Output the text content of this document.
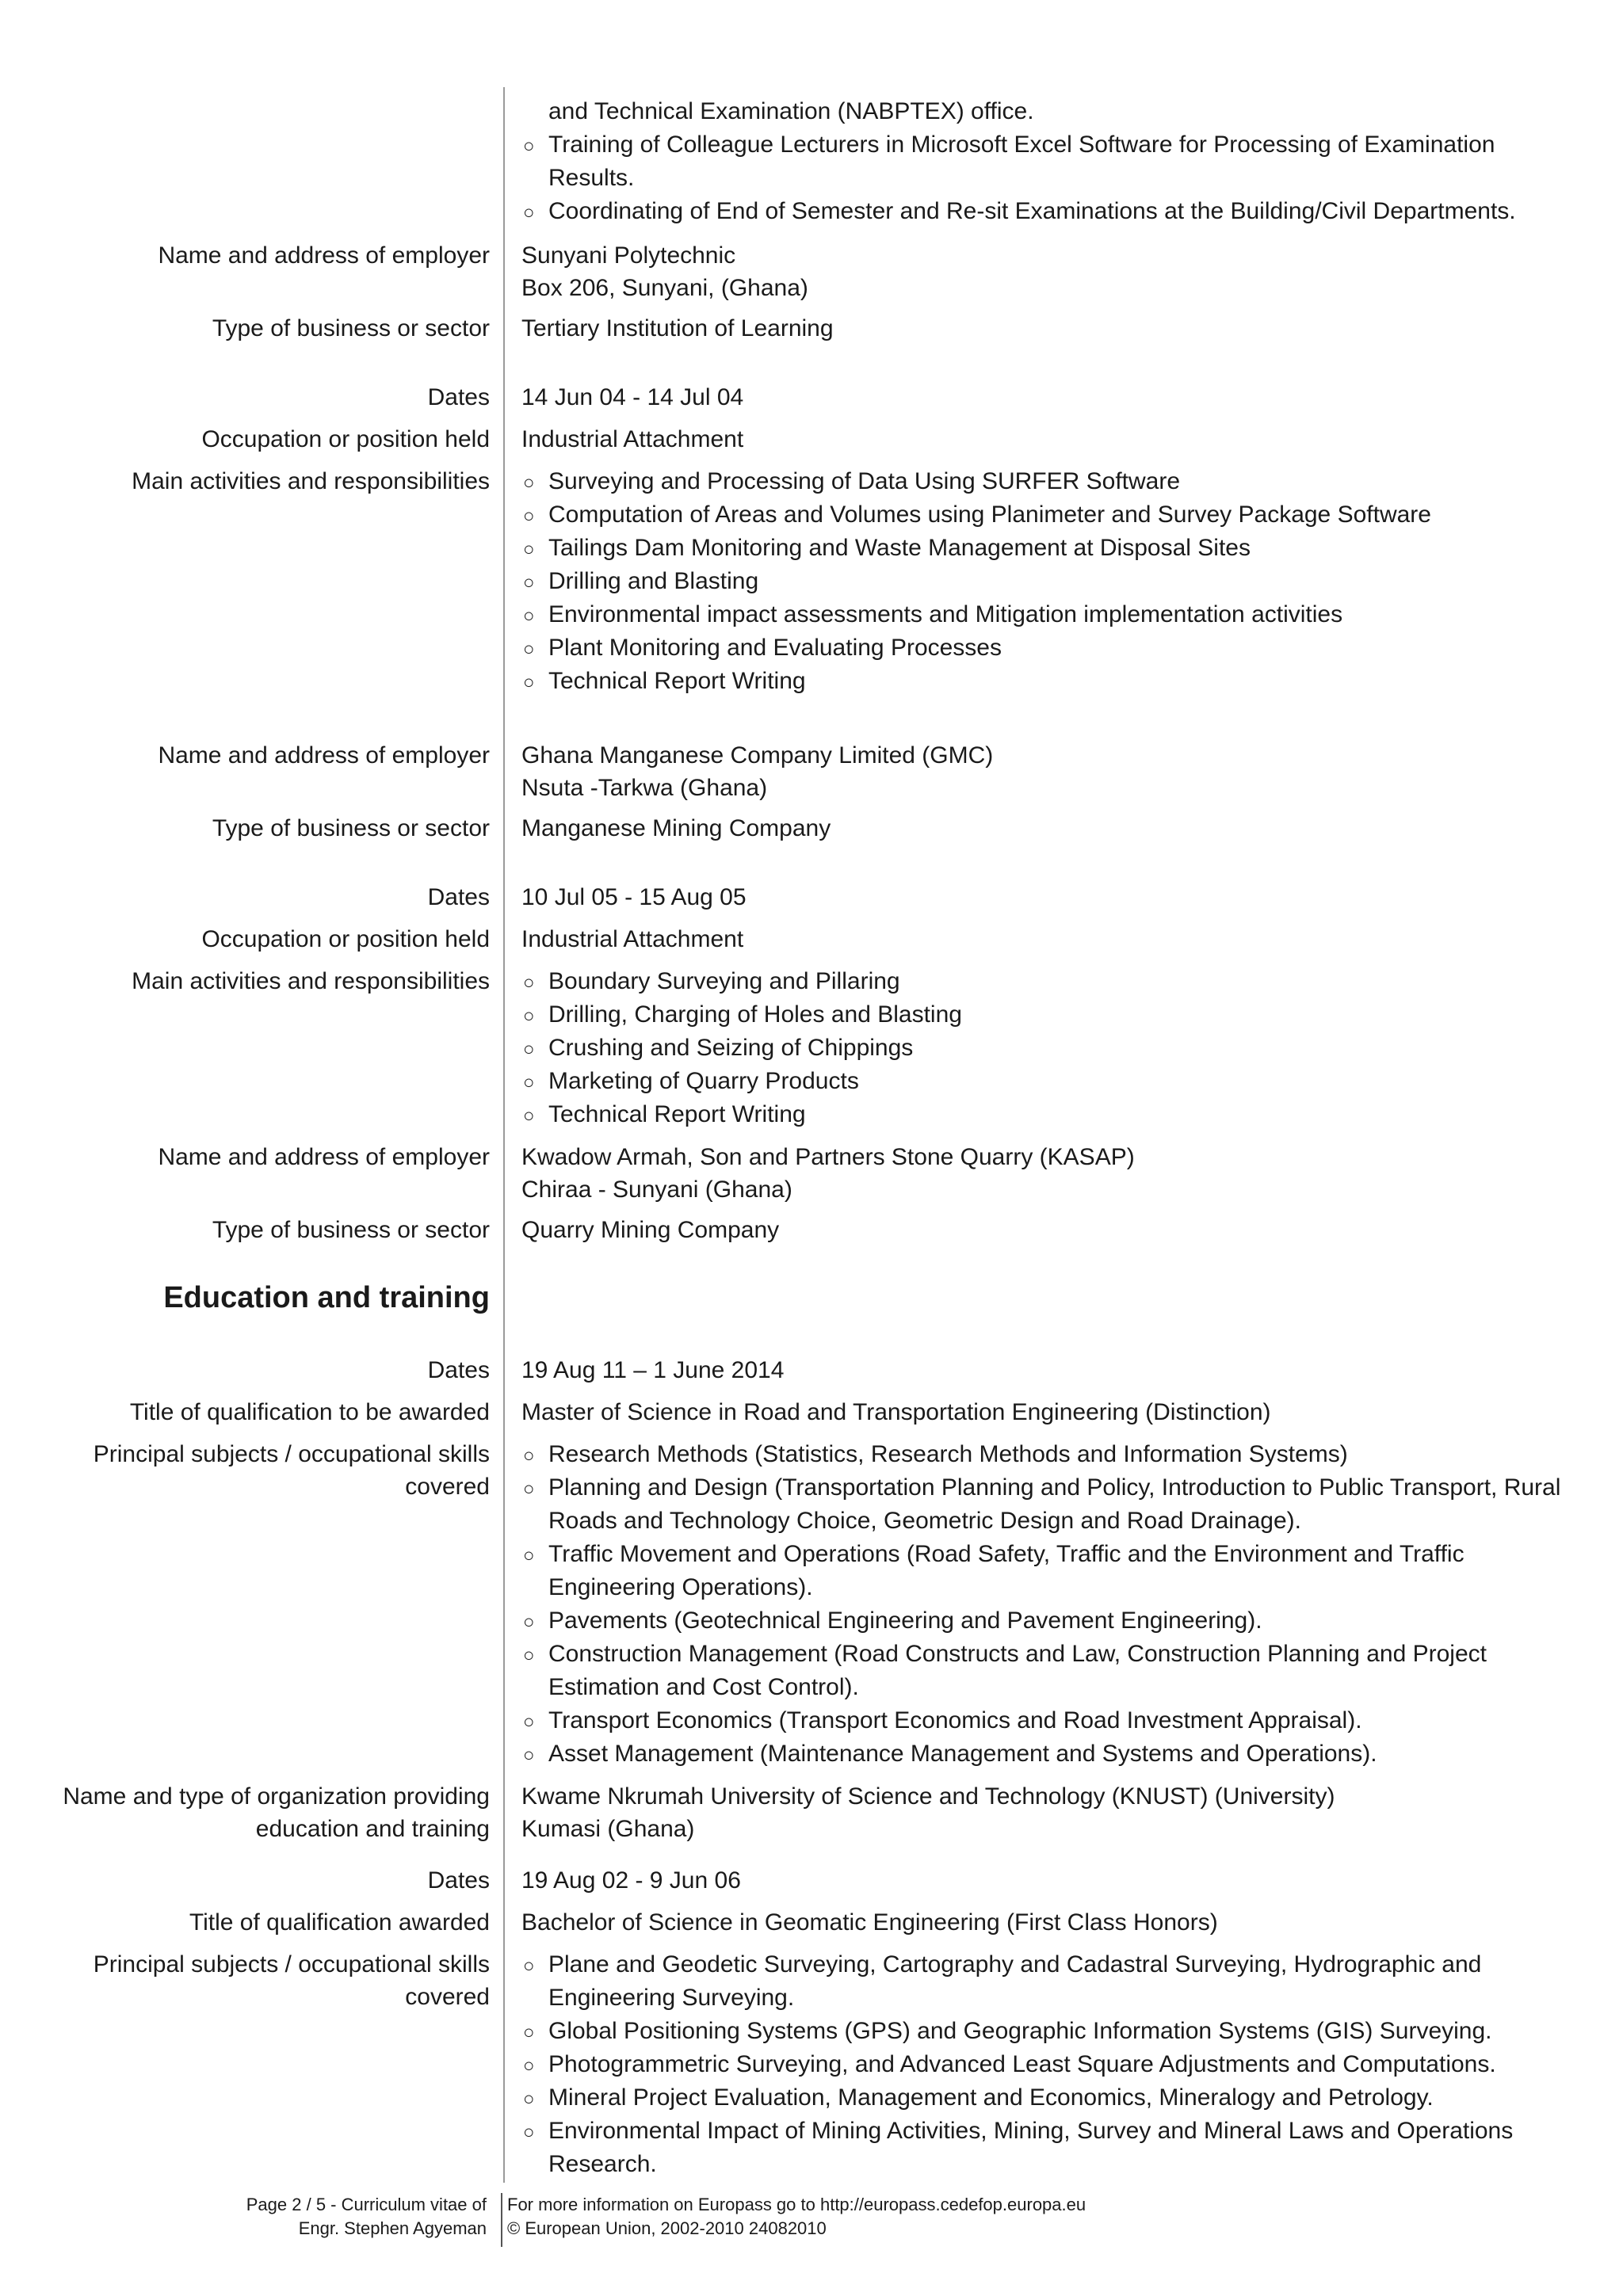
and Technical Examination (NABPTEX) office.
○ Training of Colleague Lecturers in Microsoft Excel Software for Processing of Examination Results.
○ Coordinating of End of Semester and Re-sit Examinations at the Building/Civil Departments.
Name and address of employer Sunyani Polytechnic
Box 206, Sunyani, (Ghana)
Type of business or sector Tertiary Institution of Learning
Dates 14 Jun 04 - 14 Jul 04
Occupation or position held Industrial Attachment
Main activities and responsibilities	○ Surveying and Processing of Data Using SURFER Software
○ Computation of Areas and Volumes using Planimeter and Survey Package Software
○ Tailings Dam Monitoring and Waste Management at Disposal Sites
○ Drilling and Blasting
○ Environmental impact assessments and Mitigation implementation activities
○ Plant Monitoring and Evaluating Processes
○ Technical Report Writing
Name and address of employer Ghana Manganese Company Limited (GMC)
Nsuta -Tarkwa (Ghana)
Type of business or sector Manganese Mining Company
Dates 10 Jul 05 - 15 Aug 05
Occupation or position held Industrial Attachment
Main activities and responsibilities	○ Boundary Surveying and Pillaring
○ Drilling, Charging of Holes and Blasting
○ Crushing and Seizing of Chippings
○ Marketing of Quarry Products
○ Technical Report Writing
Name and address of employer Kwadow Armah, Son and Partners Stone Quarry (KASAP)
Chiraa - Sunyani (Ghana)
Type of business or sector Quarry Mining Company
Education and training
Dates 19 Aug 11 – 1 June 2014
Title of qualification to be awarded Master of Science in Road and Transportation Engineering (Distinction)
Principal subjects / occupational skills
covered
○ Research Methods (Statistics, Research Methods and Information Systems)
○ Planning and Design (Transportation Planning and Policy, Introduction to Public Transport, Rural
Roads and Technology Choice, Geometric Design and Road Drainage).
○ Traffic Movement and Operations (Road Safety, Traffic and the Environment and Traffic
Engineering Operations).
○ Pavements (Geotechnical Engineering and Pavement Engineering).
○ Construction Management (Road Constructs and Law, Construction Planning and Project
Estimation and Cost Control).
○ Transport Economics (Transport Economics and Road Investment Appraisal).
○ Asset Management (Maintenance Management and Systems and Operations).
Name and type of organization providing
education and training
Kwame Nkrumah University of Science and Technology (KNUST) (University)
Kumasi (Ghana)
Dates 19 Aug 02 - 9 Jun 06
Title of qualification awarded Bachelor of Science in Geomatic Engineering (First Class Honors)
Principal subjects / occupational skills
covered
○ Plane and Geodetic Surveying, Cartography and Cadastral Surveying, Hydrographic and
Engineering Surveying.
○ Global Positioning Systems (GPS) and Geographic Information Systems (GIS) Surveying.
○ Photogrammetric Surveying, and Advanced Least Square Adjustments and Computations.
○ Mineral Project Evaluation, Management and Economics, Mineralogy and Petrology.
○ Environmental Impact of Mining Activities, Mining, Survey and Mineral Laws and Operations
Research.
Page 2 / 5 - Curriculum vitae of
Engr. Stephen Agyeman
For more information on Europass go to http://europass.cedefop.europa.eu
© European Union, 2002-2010 24082010
